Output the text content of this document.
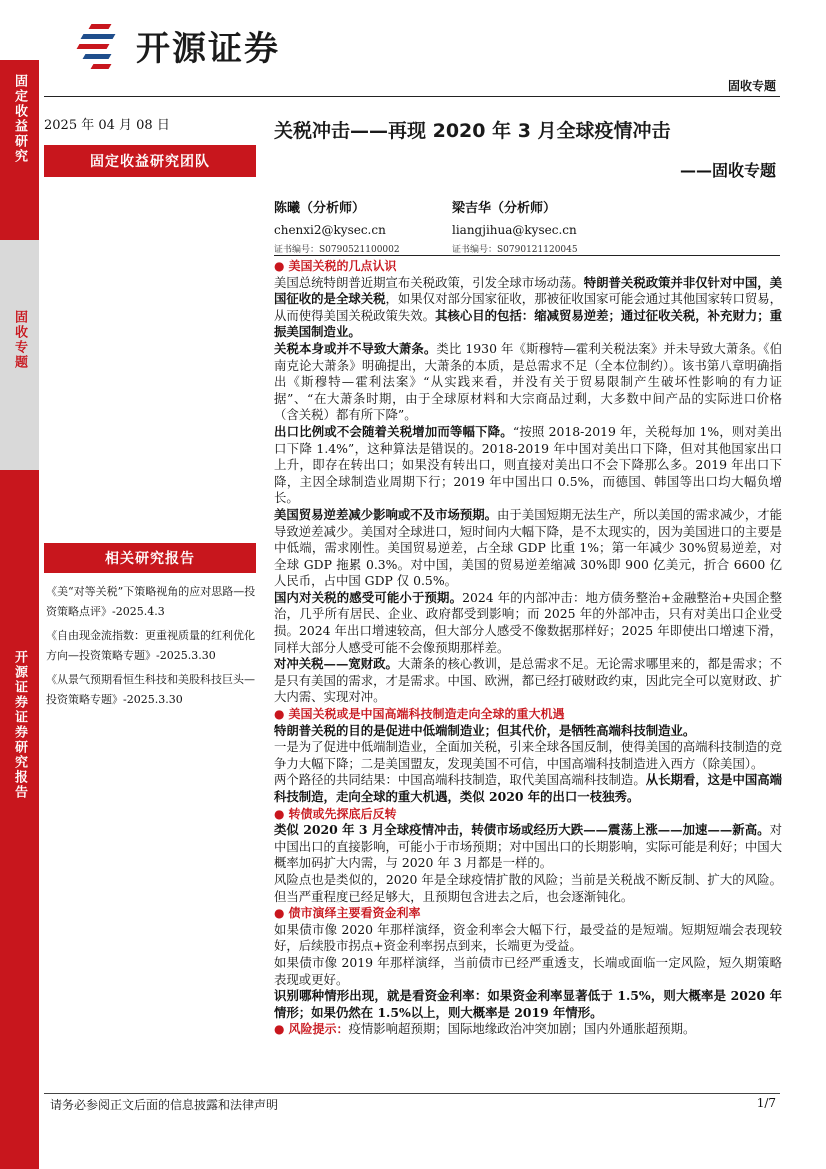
固定收益研究
固收专题
开源证券证券研究报告
开源证券
固收专题
2025 年 04 月 08 日
固定收益研究团队
相关研究报告
《美“对等关税”下策略视角的应对思路—投资策略点评》-2025.4.3
《自由现金流指数：更重视质量的红利优化方向—投资策略专题》-2025.3.30
《从景气预期看恒生科技和美股科技巨头—投资策略专题》-2025.3.30
关税冲击——再现 2020 年 3 月全球疫情冲击
——固收专题
陈曦（分析师）
chenxi2@kysec.cn
证书编号：S0790521100002
梁吉华（分析师）
liangjihua@kysec.cn
证书编号：S0790121120045
● 美国关税的几点认识
美国总统特朗普近期宣布关税政策，引发全球市场动荡。特朗普关税政策并非仅针对中国，美国征收的是全球关税，如果仅对部分国家征收，那被征收国家可能会通过其他国家转口贸易，从而使得美国关税政策失效。其核心目的包括：缩减贸易逆差；通过征收关税，补充财力；重振美国制造业。
关税本身或并不导致大萧条。类比 1930 年《斯穆特—霍利关税法案》并未导致大萧条。《伯南克论大萧条》明确提出，大萧条的本质，是总需求不足（全本位制约）。该书第八章明确指出《斯穆特—霍利法案》“从实践来看，并没有关于贸易限制产生破坏性影响的有力证据”、“在大萧条时期，由于全球原材料和大宗商品过剩，大多数中间产品的实际进口价格（含关税）都有所下降”。
出口比例或不会随着关税增加而等幅下降。“按照 2018-2019 年，关税每加 1%，则对美出口下降 1.4%”，这种算法是错误的。2018-2019 年中国对美出口下降，但对其他国家出口上升，即存在转出口；如果没有转出口，则直接对美出口不会下降那么多。2019 年出口下降，主因全球制造业周期下行；2019 年中国出口 0.5%，而德国、韩国等出口均大幅负增长。
美国贸易逆差减少影响或不及市场预期。由于美国短期无法生产，所以美国的需求减少，才能导致逆差减少。美国对全球进口，短时间内大幅下降，是不太现实的，因为美国进口的主要是中低端，需求刚性。美国贸易逆差，占全球 GDP 比重 1%；第一年减少 30%贸易逆差，对全球 GDP 拖累 0.3%。对中国，美国的贸易逆差缩减 30%即 900 亿美元，折合 6600 亿人民币，占中国 GDP 仅 0.5%。
国内对关税的感受可能小于预期。2024 年的内部冲击：地方债务整治+金融整治+央国企整治，几乎所有居民、企业、政府都受到影响；而 2025 年的外部冲击，只有对美出口企业受损。2024 年出口增速较高，但大部分人感受不像数据那样好；2025 年即使出口增速下滑，同样大部分人感受可能不会像预期那样差。
对冲关税——宽财政。大萧条的核心教训，是总需求不足。无论需求哪里来的，都是需求；不是只有美国的需求，才是需求。中国、欧洲，都已经打破财政约束，因此完全可以宽财政、扩大内需、实现对冲。
● 美国关税或是中国高端科技制造走向全球的重大机遇
特朗普关税的目的是促进中低端制造业；但其代价，是牺牲高端科技制造业。
一是为了促进中低端制造业，全面加关税，引来全球各国反制，使得美国的高端科技制造的竞争力大幅下降；二是美国盟友，发现美国不可信，中国高端科技制造进入西方（除美国）。
两个路径的共同结果：中国高端科技制造，取代美国高端科技制造。从长期看，这是中国高端科技制造，走向全球的重大机遇，类似 2020 年的出口一枝独秀。
● 转债或先探底后反转
类似 2020 年 3 月全球疫情冲击，转债市场或经历大跌——震荡上涨——加速——新高。对中国出口的直接影响，可能小于市场预期；对中国出口的长期影响，实际可能是利好；中国大概率加码扩大内需，与 2020 年 3 月都是一样的。
风险点也是类似的，2020 年是全球疫情扩散的风险；当前是关税战不断反制、扩大的风险。但当严重程度已经足够大，且预期包含进去之后，也会逐渐钝化。
● 债市演绎主要看资金利率
如果债市像 2020 年那样演绎，资金利率会大幅下行，最受益的是短端。短期短端会表现较好，后续股市拐点+资金利率拐点到来，长端更为受益。
如果债市像 2019 年那样演绎，当前债市已经严重透支，长端或面临一定风险，短久期策略表现或更好。
识别哪种情形出现，就是看资金利率：如果资金利率显著低于 1.5%，则大概率是 2020 年情形；如果仍然在 1.5%以上，则大概率是 2019 年情形。
● 风险提示：疫情影响超预期；国际地缘政治冲突加剧；国内外通胀超预期。
请务必参阅正文后面的信息披露和法律声明	1/7
